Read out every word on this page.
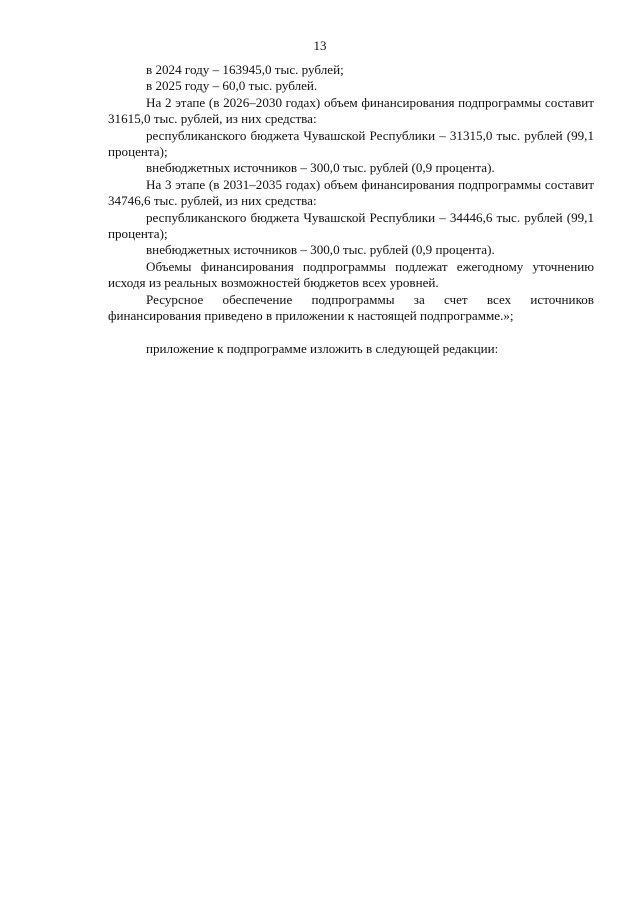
13

в 2024 году – 163945,0 тыс. рублей;

в 2025 году – 60,0 тыс. рублей.

На 2 этапе (в 2026–2030 годах) объем финансирования подпрограммы составит 31615,0 тыс. рублей, из них средства:

республиканского бюджета Чувашской Республики – 31315,0 тыс. рублей (99,1 процента);

внебюджетных источников – 300,0 тыс. рублей (0,9 процента).

На 3 этапе (в 2031–2035 годах) объем финансирования подпрограммы составит 34746,6 тыс. рублей, из них средства:

республиканского бюджета Чувашской Республики – 34446,6 тыс. рублей (99,1 процента);

внебюджетных источников – 300,0 тыс. рублей (0,9 процента).

Объемы финансирования подпрограммы подлежат ежегодному уточнению исходя из реальных возможностей бюджетов всех уровней.

Ресурсное обеспечение подпрограммы за счет всех источников финансирования приведено в приложении к настоящей подпрограмме.»;

приложение к подпрограмме изложить в следующей редакции:
